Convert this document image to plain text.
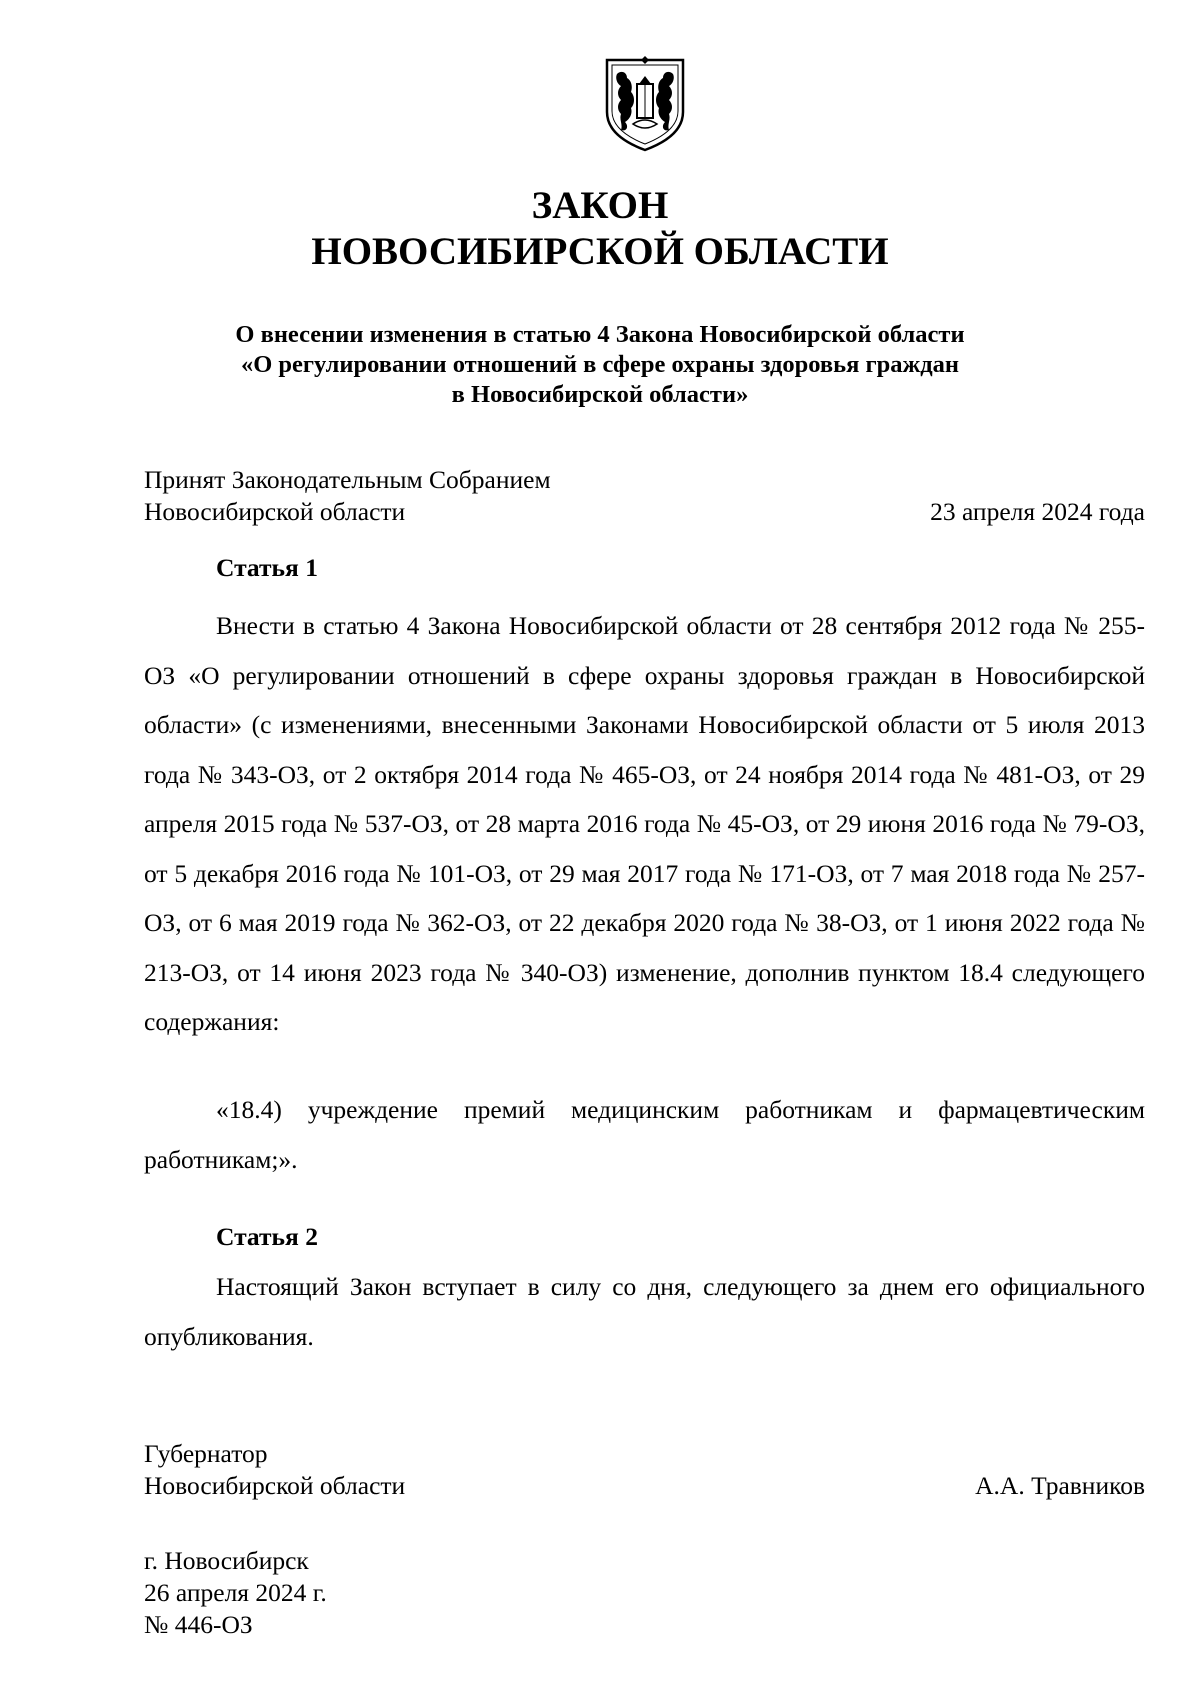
ЗАКОН
НОВОСИБИРСКОЙ ОБЛАСТИ
О внесении изменения в статью 4 Закона Новосибирской области
«О регулировании отношений в сфере охраны здоровья граждан
в Новосибирской области»
Принят Законодательным Собранием
Новосибирской области	23 апреля 2024 года
Статья 1

Внести в статью 4 Закона Новосибирской области от 28 сентября 2012 года № 255-ОЗ «О регулировании отношений в сфере охраны здоровья граждан в Новосибирской области» (с изменениями, внесенными Законами Новосибирской области от 5 июля 2013 года № 343-ОЗ, от 2 октября 2014 года № 465-ОЗ, от 24 ноября 2014 года № 481-ОЗ, от 29 апреля 2015 года № 537-ОЗ, от 28 марта 2016 года № 45-ОЗ, от 29 июня 2016 года № 79-ОЗ, от 5 декабря 2016 года № 101-ОЗ, от 29 мая 2017 года № 171-ОЗ, от 7 мая 2018 года № 257-ОЗ, от 6 мая 2019 года № 362-ОЗ, от 22 декабря 2020 года № 38-ОЗ, от 1 июня 2022 года № 213-ОЗ, от 14 июня 2023 года № 340-ОЗ) изменение, дополнив пунктом 18.4 следующего содержания:

«18.4) учреждение премий медицинским работникам и фармацевтическим работникам;».

Статья 2

Настоящий Закон вступает в силу со дня, следующего за днем его официального опубликования.

Губернатор
Новосибирской области	А.А. Травников
г. Новосибирск
26 апреля 2024 г.
№ 446-ОЗ
